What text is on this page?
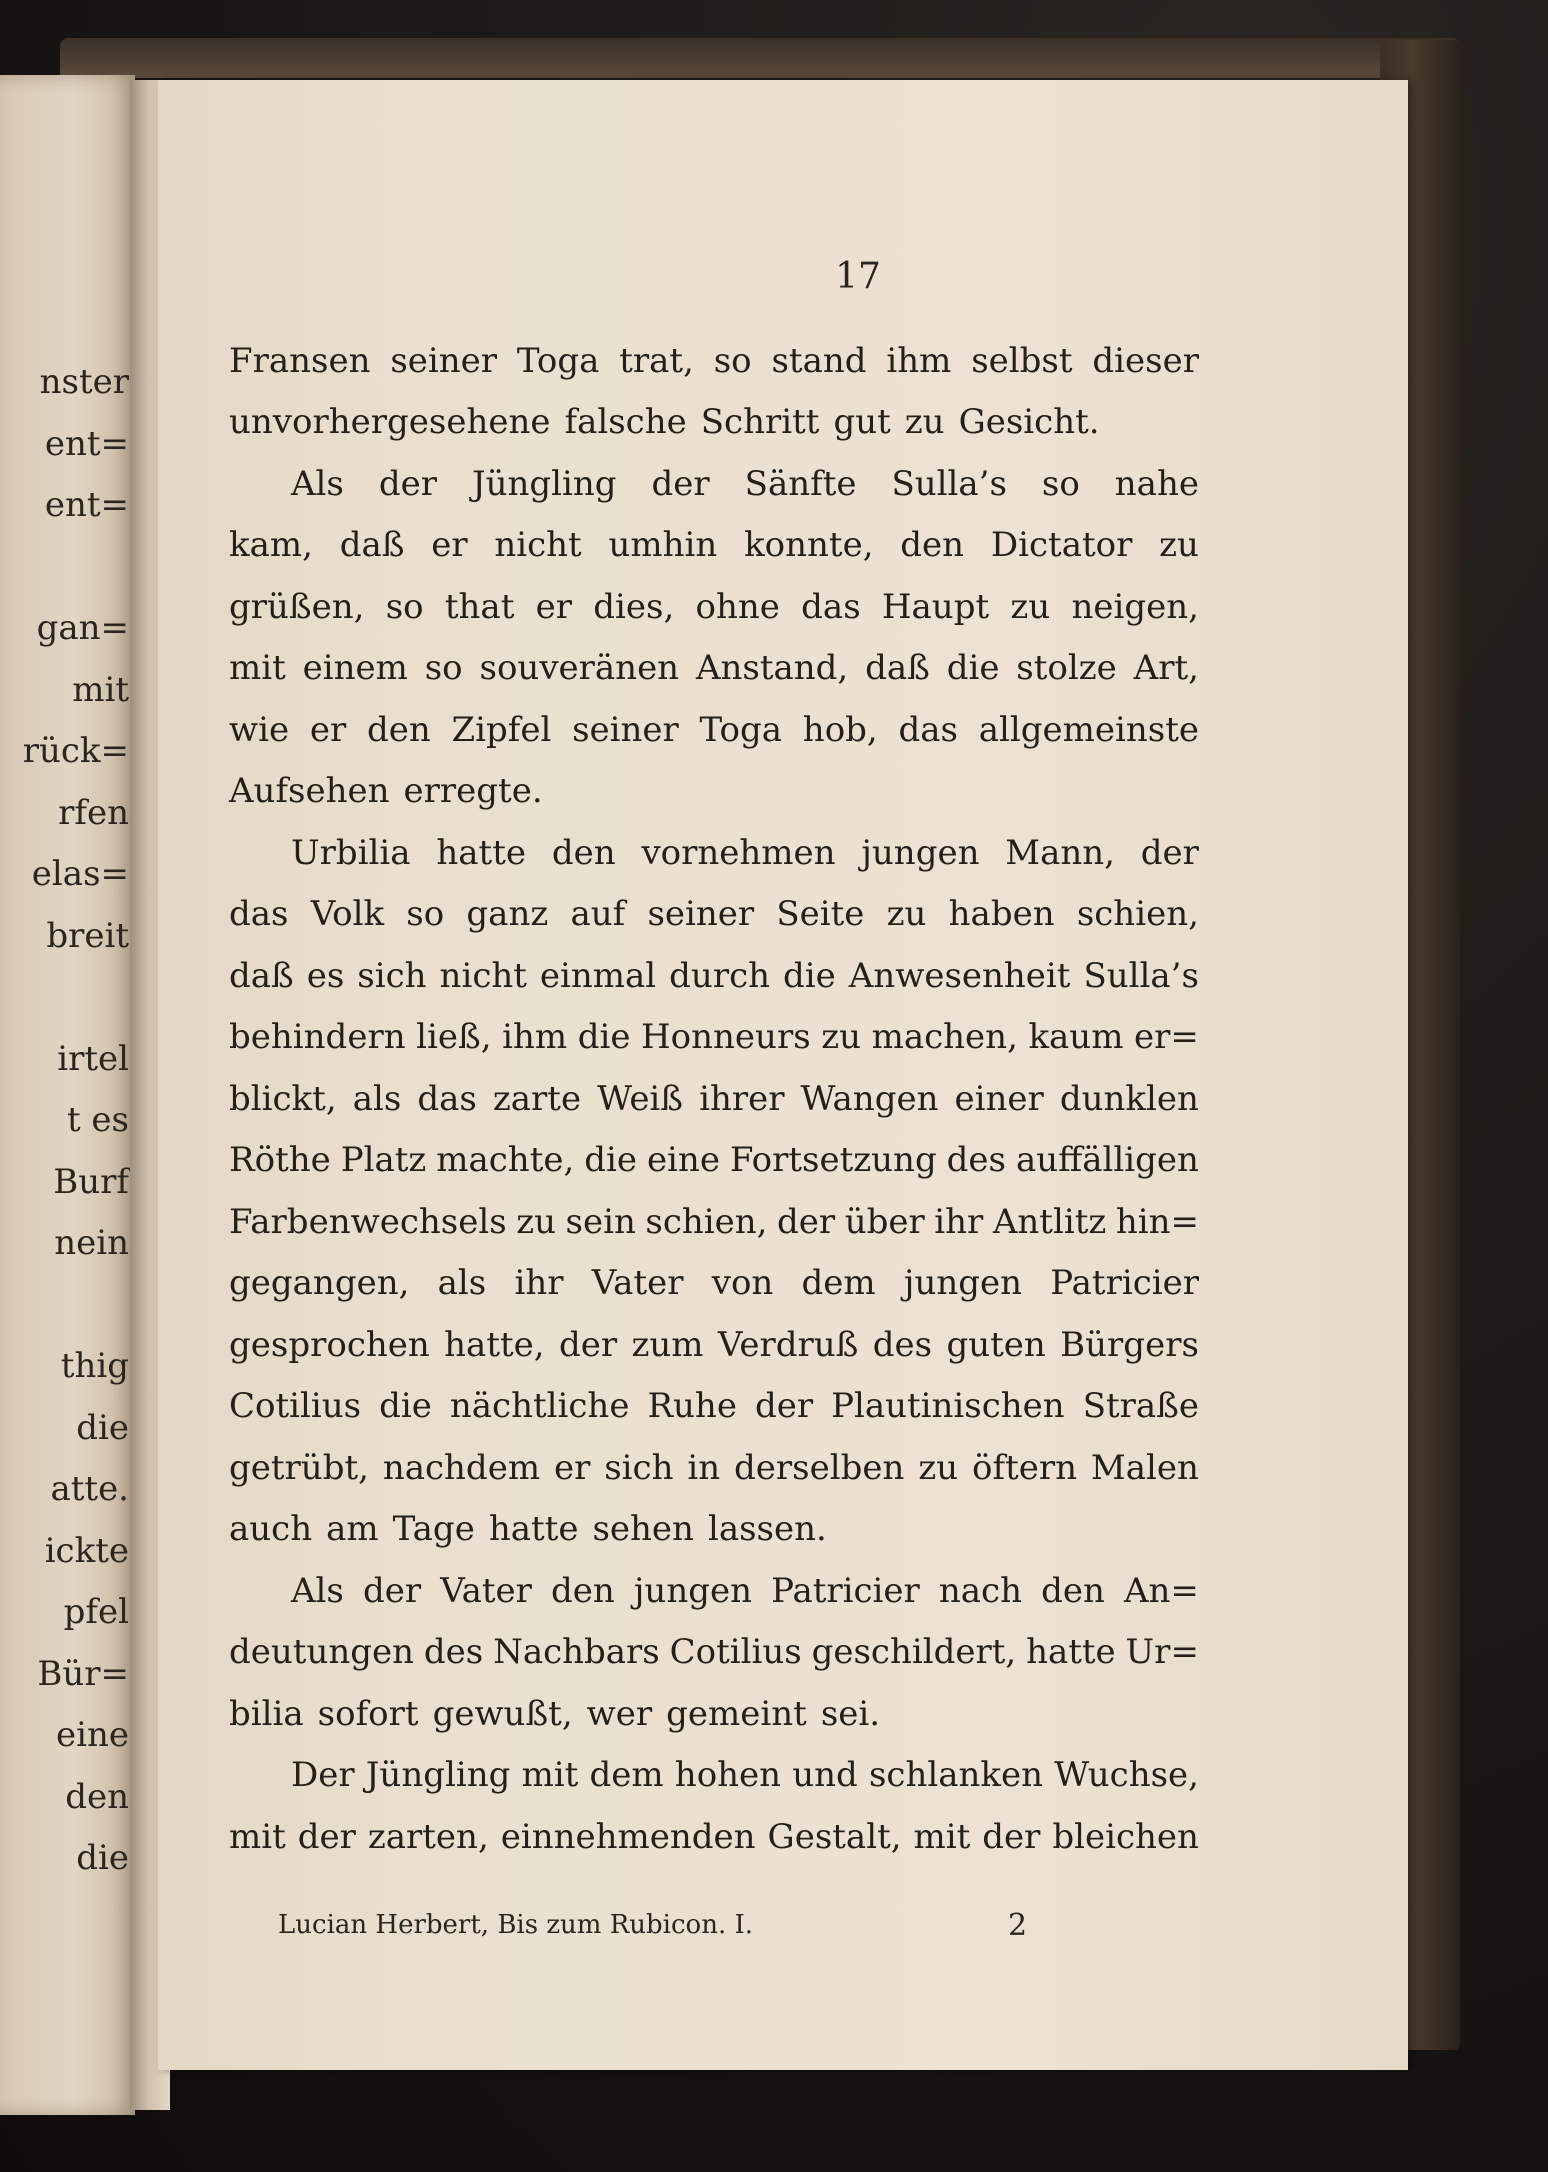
nster
ent=
ent=
gan=
mit
rück=
rfen
elas=
breit
irtel
t es
Burf
nein
thig
die
atte.
ickte
pfel
Bür=
eine
den
die
17
Fransen seiner Toga trat, so stand ihm selbst dieser
unvorhergesehene falsche Schritt gut zu Gesicht.
Als der Jüngling der Sänfte Sulla’s so nahe
kam, daß er nicht umhin konnte, den Dictator zu
grüßen, so that er dies, ohne das Haupt zu neigen,
mit einem so souveränen Anstand, daß die stolze Art,
wie er den Zipfel seiner Toga hob, das allgemeinste
Aufsehen erregte.
Urbilia hatte den vornehmen jungen Mann, der
das Volk so ganz auf seiner Seite zu haben schien,
daß es sich nicht einmal durch die Anwesenheit Sulla’s
behindern ließ, ihm die Honneurs zu machen, kaum er=
blickt, als das zarte Weiß ihrer Wangen einer dunklen
Röthe Platz machte, die eine Fortsetzung des auffälligen
Farbenwechsels zu sein schien, der über ihr Antlitz hin=
gegangen, als ihr Vater von dem jungen Patricier
gesprochen hatte, der zum Verdruß des guten Bürgers
Cotilius die nächtliche Ruhe der Plautinischen Straße
getrübt, nachdem er sich in derselben zu öftern Malen
auch am Tage hatte sehen lassen.
Als der Vater den jungen Patricier nach den An=
deutungen des Nachbars Cotilius geschildert, hatte Ur=
bilia sofort gewußt, wer gemeint sei.
Der Jüngling mit dem hohen und schlanken Wuchse,
mit der zarten, einnehmenden Gestalt, mit der bleichen
Lucian Herbert, Bis zum Rubicon. I.	2
